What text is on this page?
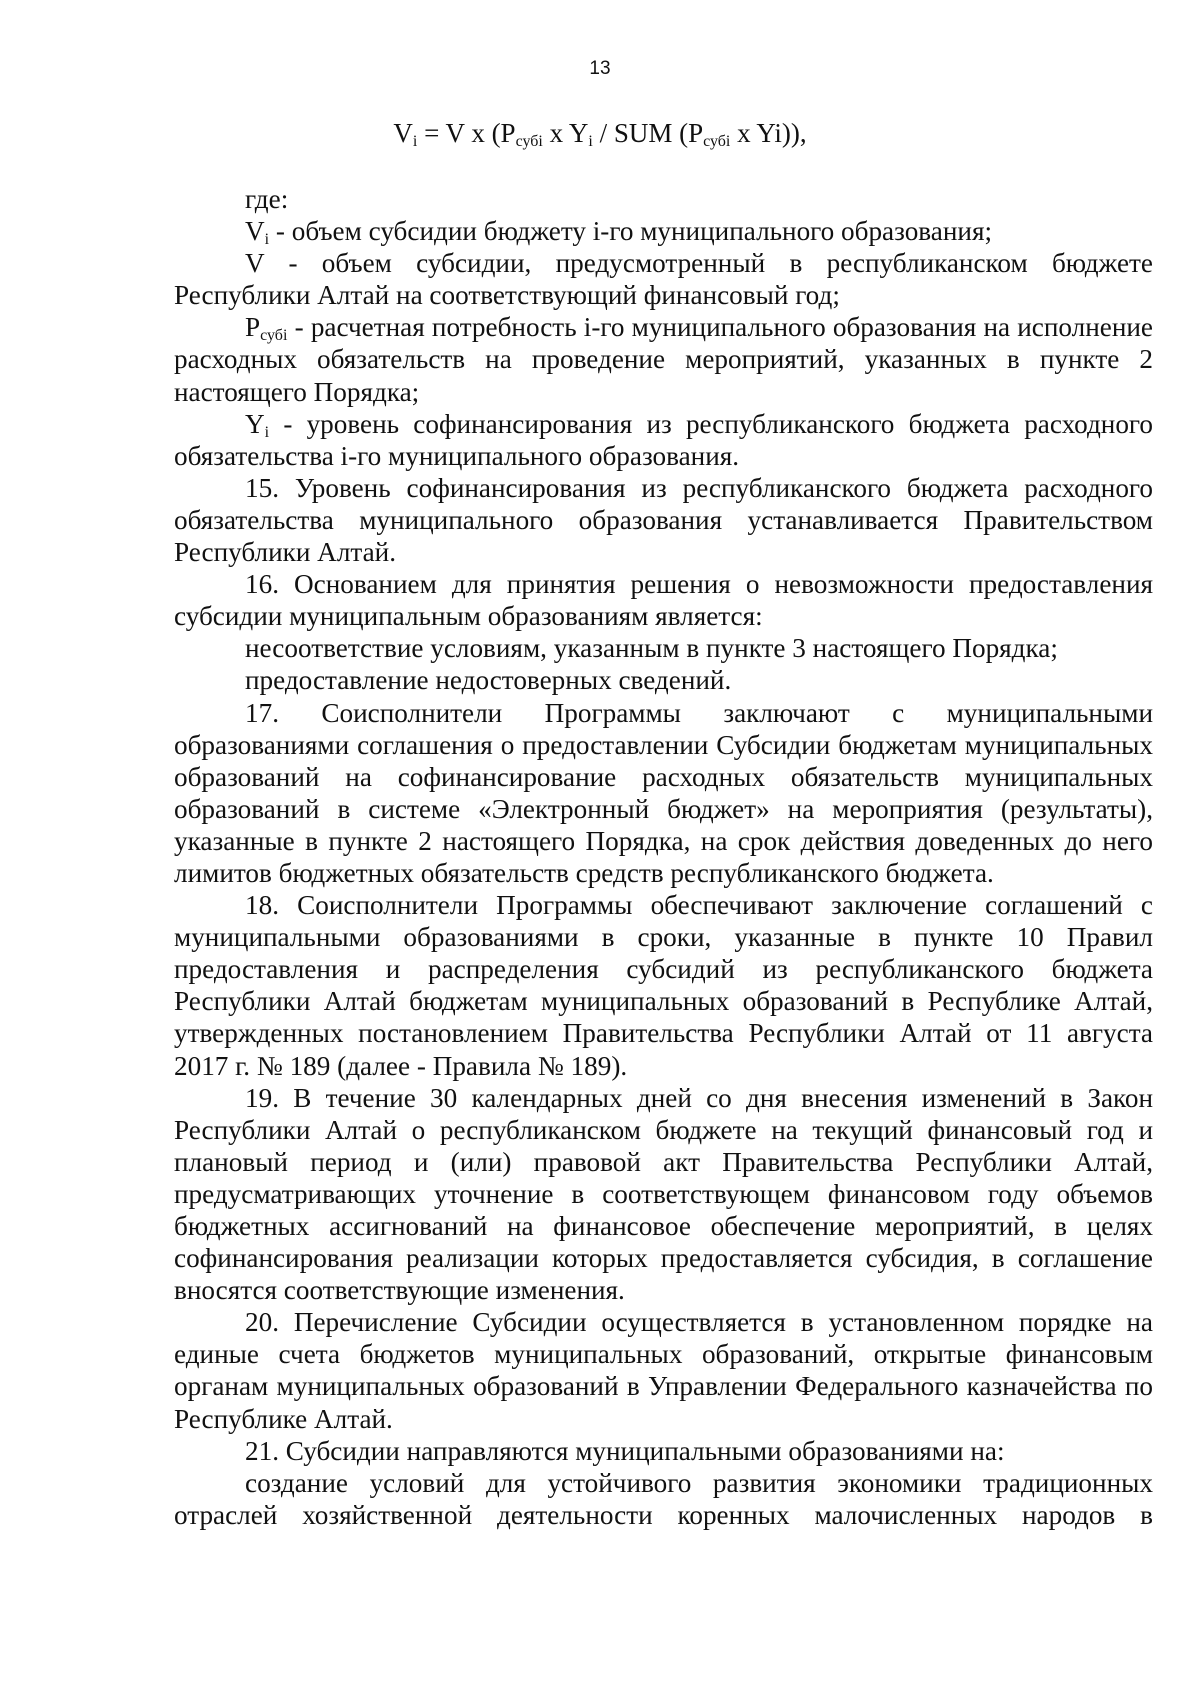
13
$V_i = V$ x ($P_{субi}$ x $Y_i$ / SUM ($P_{субi}$ x Yi)),

где:

$V_i$ - объем субсидии бюджету i-го муниципального образования;

V - объем субсидии, предусмотренный в республиканском бюджете Республики Алтай на соответствующий финансовый год;

$P_{субi}$ - расчетная потребность i-го муниципального образования на исполнение расходных обязательств на проведение мероприятий, указанных в пункте 2 настоящего Порядка;

$Y_i$ - уровень софинансирования из республиканского бюджета расходного обязательства i-го муниципального образования.

15. Уровень софинансирования из республиканского бюджета расходного обязательства муниципального образования устанавливается Правительством Республики Алтай.

16. Основанием для принятия решения о невозможности предоставления субсидии муниципальным образованиям является:

несоответствие условиям, указанным в пункте 3 настоящего Порядка;

предоставление недостоверных сведений.

17. Соисполнители Программы заключают с муниципальными образованиями соглашения о предоставлении Субсидии бюджетам муниципальных образований на софинансирование расходных обязательств муниципальных образований в системе «Электронный бюджет» на мероприятия (результаты), указанные в пункте 2 настоящего Порядка, на срок действия доведенных до него лимитов бюджетных обязательств средств республиканского бюджета.

18. Соисполнители Программы обеспечивают заключение соглашений с муниципальными образованиями в сроки, указанные в пункте 10 Правил предоставления и распределения субсидий из республиканского бюджета Республики Алтай бюджетам муниципальных образований в Республике Алтай, утвержденных постановлением Правительства Республики Алтай от 11 августа 2017 г. № 189 (далее - Правила № 189).

19. В течение 30 календарных дней со дня внесения изменений в Закон Республики Алтай о республиканском бюджете на текущий финансовый год и плановый период и (или) правовой акт Правительства Республики Алтай, предусматривающих уточнение в соответствующем финансовом году объемов бюджетных ассигнований на финансовое обеспечение мероприятий, в целях софинансирования реализации которых предоставляется субсидия, в соглашение вносятся соответствующие изменения.

20. Перечисление Субсидии осуществляется в установленном порядке на единые счета бюджетов муниципальных образований, открытые финансовым органам муниципальных образований в Управлении Федерального казначейства по Республике Алтай.

21. Субсидии направляются муниципальными образованиями на:

создание условий для устойчивого развития экономики традиционных отраслей хозяйственной деятельности коренных малочисленных народов в
